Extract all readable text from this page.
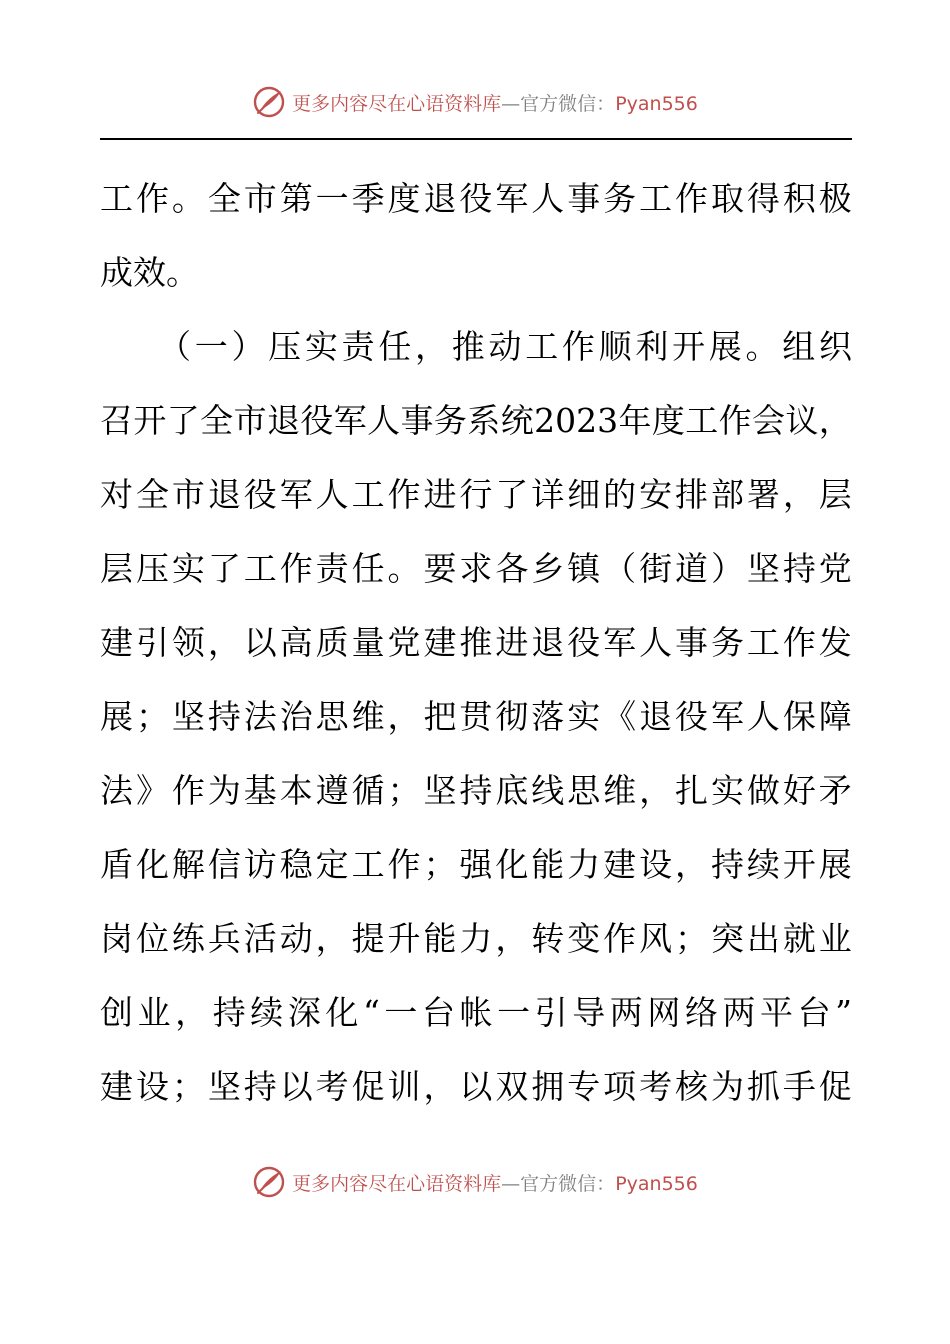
更多内容尽在心语资料库—官方微信：Pyan556
工 作 。 全 市 第 一 季 度 退 役 军 人 事 务 工 作 取 得 积 极
成效。
（ 一 ） 压 实 责 任 ， 推 动 工 作 顺 利 开 展 。 组 织
召 开 了 全 市 退 役 军 人 事 务 系 统 2023 年 度 工 作 会 议 ，
对 全 市 退 役 军 人 工 作 进 行 了 详 细 的 安 排 部 署 ， 层
层 压 实 了 工 作 责 任 。 要 求 各 乡 镇 （ 街 道 ） 坚 持 党
建 引 领 ， 以 高 质 量 党 建 推 进 退 役 军 人 事 务 工 作 发
展 ； 坚 持 法 治 思 维 ， 把 贯 彻 落 实 《 退 役 军 人 保 障
法 》 作 为 基 本 遵 循 ； 坚 持 底 线 思 维 ， 扎 实 做 好 矛
盾 化 解 信 访 稳 定 工 作 ； 强 化 能 力 建 设 ， 持 续 开 展
岗 位 练 兵 活 动 ， 提 升 能 力 ， 转 变 作 风 ； 突 出 就 业
创 业 ， 持 续 深 化 “ 一 台 帐 一 引 导 两 网 络 两 平 台 ”
建 设 ； 坚 持 以 考 促 训 ， 以 双 拥 专 项 考 核 为 抓 手 促
更多内容尽在心语资料库—官方微信：Pyan556
